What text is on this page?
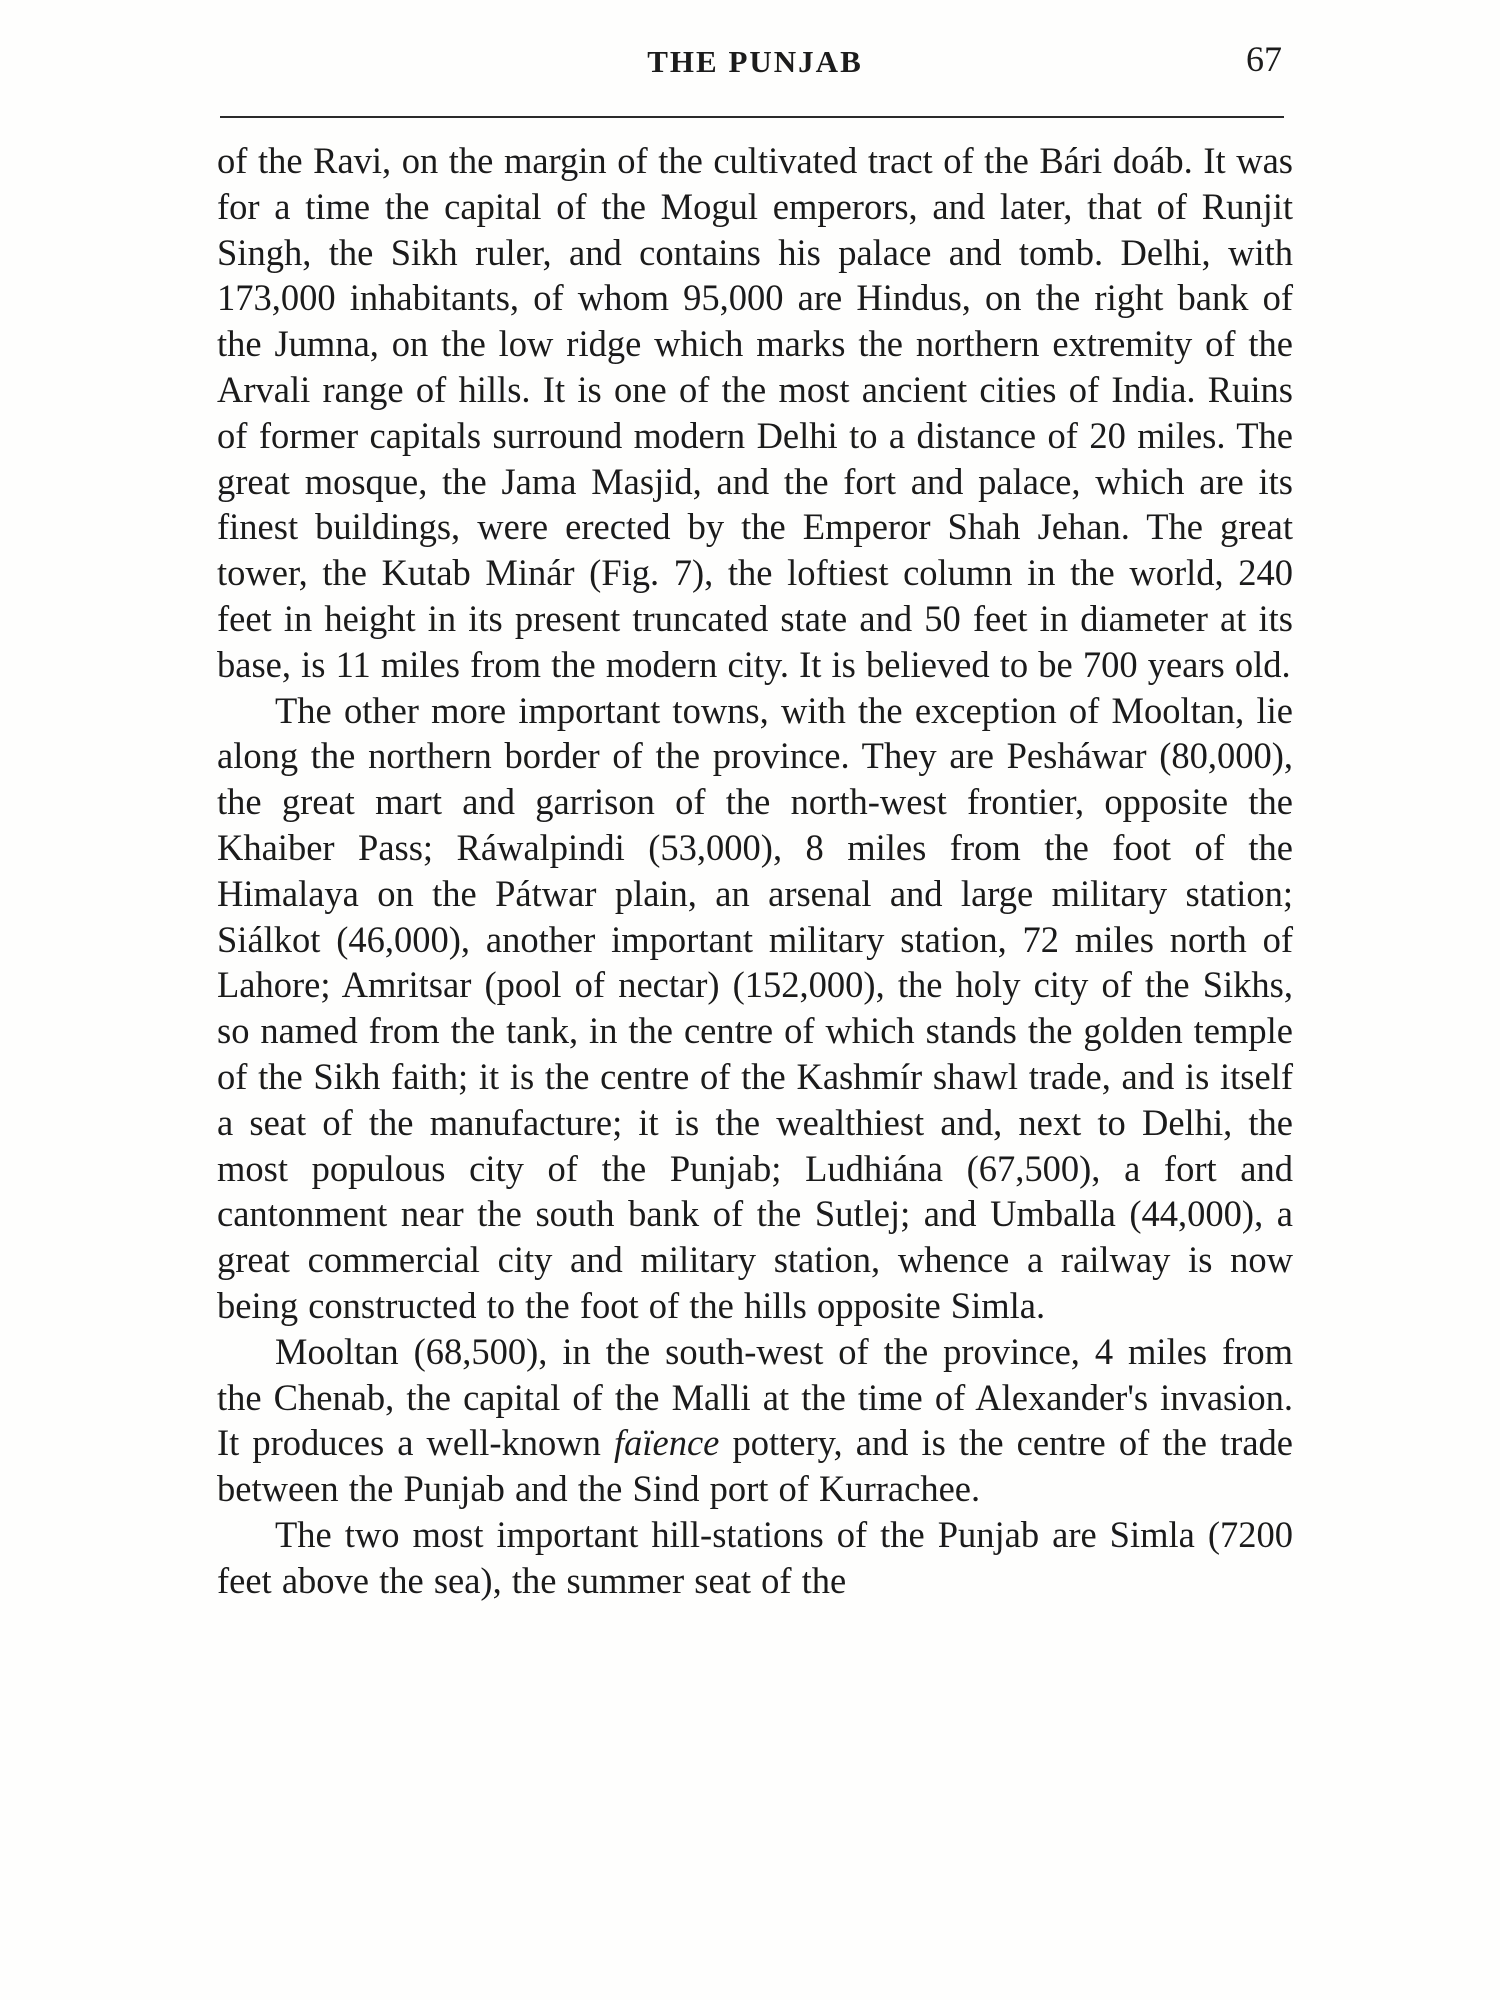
THE PUNJAB	67

of the Ravi, on the margin of the cultivated tract of the Bári doáb. It was for a time the capital of the Mogul emperors, and later, that of Runjit Singh, the Sikh ruler, and contains his palace and tomb. Delhi, with 173,000 inhabitants, of whom 95,000 are Hindus, on the right bank of the Jumna, on the low ridge which marks the northern extremity of the Arvali range of hills. It is one of the most ancient cities of India. Ruins of former capitals surround modern Delhi to a distance of 20 miles. The great mosque, the Jama Masjid, and the fort and palace, which are its finest buildings, were erected by the Emperor Shah Jehan. The great tower, the Kutab Minár (Fig. 7), the loftiest column in the world, 240 feet in height in its present truncated state and 50 feet in diameter at its base, is 11 miles from the modern city. It is believed to be 700 years old.

The other more important towns, with the exception of Mooltan, lie along the northern border of the province. They are Pesháwar (80,000), the great mart and garrison of the north-west frontier, opposite the Khaiber Pass; Ráwalpindi (53,000), 8 miles from the foot of the Himalaya on the Pátwar plain, an arsenal and large military station; Siálkot (46,000), another important military station, 72 miles north of Lahore; Amritsar (pool of nectar) (152,000), the holy city of the Sikhs, so named from the tank, in the centre of which stands the golden temple of the Sikh faith; it is the centre of the Kashmír shawl trade, and is itself a seat of the manufacture; it is the wealthiest and, next to Delhi, the most populous city of the Punjab; Ludhiána (67,500), a fort and cantonment near the south bank of the Sutlej; and Umballa (44,000), a great commercial city and military station, whence a railway is now being constructed to the foot of the hills opposite Simla.

Mooltan (68,500), in the south-west of the province, 4 miles from the Chenab, the capital of the Malli at the time of Alexander's invasion. It produces a well-known faïence pottery, and is the centre of the trade between the Punjab and the Sind port of Kurrachee.

The two most important hill-stations of the Punjab are Simla (7200 feet above the sea), the summer seat of the
